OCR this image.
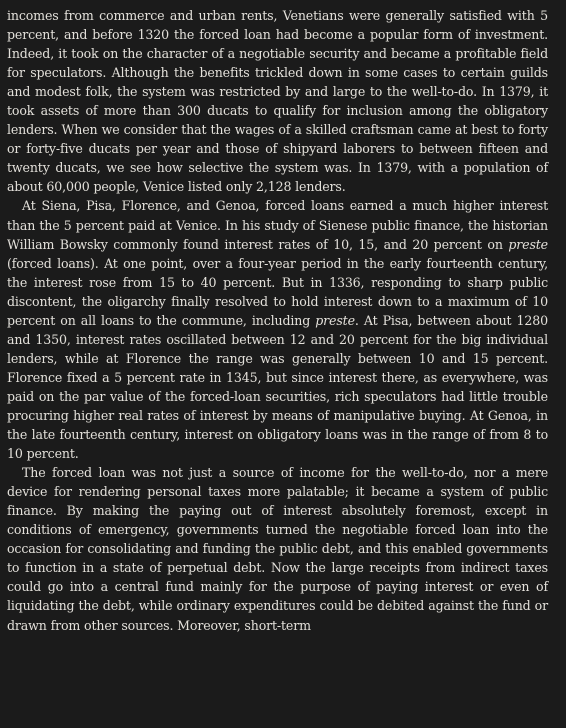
incomes from commerce and urban rents, Venetians were generally satisfied with 5 percent, and before 1320 the forced loan had become a popular form of investment. Indeed, it took on the character of a negotiable security and became a profitable field for speculators. Although the benefits trickled down in some cases to certain guilds and modest folk, the system was restricted by and large to the well-to-do. In 1379, it took assets of more than 300 ducats to qualify for inclusion among the obligatory lenders. When we consider that the wages of a skilled craftsman came at best to forty or forty-five ducats per year and those of shipyard laborers to between fifteen and twenty ducats, we see how selective the system was. In 1379, with a population of about 60,000 people, Venice listed only 2,128 lenders.

At Siena, Pisa, Florence, and Genoa, forced loans earned a much higher interest than the 5 percent paid at Venice. In his study of Sienese public finance, the historian William Bowsky commonly found interest rates of 10, 15, and 20 percent on preste (forced loans). At one point, over a four-year period in the early fourteenth century, the interest rose from 15 to 40 percent. But in 1336, responding to sharp public discontent, the oligarchy finally resolved to hold interest down to a maximum of 10 percent on all loans to the commune, including preste. At Pisa, between about 1280 and 1350, interest rates oscillated between 12 and 20 percent for the big individual lenders, while at Florence the range was generally between 10 and 15 percent. Florence fixed a 5 percent rate in 1345, but since interest there, as everywhere, was paid on the par value of the forced-loan securities, rich speculators had little trouble procuring higher real rates of interest by means of manipulative buying. At Genoa, in the late fourteenth century, interest on obligatory loans was in the range of from 8 to 10 percent.

The forced loan was not just a source of income for the well-to-do, nor a mere device for rendering personal taxes more palatable; it became a system of public finance. By making the paying out of interest absolutely foremost, except in conditions of emergency, governments turned the negotiable forced loan into the occasion for consolidating and funding the public debt, and this enabled governments to function in a state of perpetual debt. Now the large receipts from indirect taxes could go into a central fund mainly for the purpose of paying interest or even of liquidating the debt, while ordinary expenditures could be debited against the fund or drawn from other sources. Moreover, short-term
